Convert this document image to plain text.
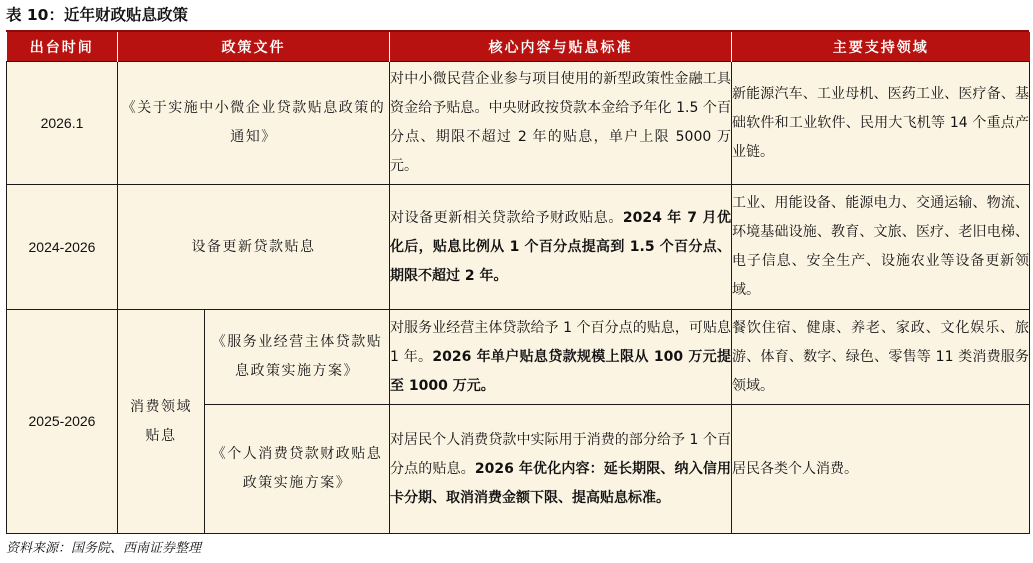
表 10：近年财政贴息政策
出台时间	政策文件		核心内容与贴息标准	主要支持领域
2026.1	《关于实施中小微企业贷款贴息政策的通知》		对中小微民营企业参与项目使用的新型政策性金融工具资金给予贴息。中央财政按贷款本金给予年化 1.5 个百分点、期限不超过 2 年的贴息，单户上限 5000 万元。	新能源汽车、工业母机、医药工业、医疗备、基础软件和工业软件、民用大飞机等 14 个重点产业链。
2024-2026	设备更新贷款贴息		对设备更新相关贷款给予财政贴息。2024 年 7 月优化后，贴息比例从 1 个百分点提高到 1.5 个百分点、期限不超过 2 年。	工业、用能设备、能源电力、交通运输、物流、环境基础设施、教育、文旅、医疗、老旧电梯、电子信息、安全生产、设施农业等设备更新领域。
2025-2026	消费领域贴息	《服务业经营主体贷款贴息政策实施方案》	对服务业经营主体贷款给予 1 个百分点的贴息，可贴息 1 年。2026 年单户贴息贷款规模上限从 100 万元提至 1000 万元。	餐饮住宿、健康、养老、家政、文化娱乐、旅游、体育、数字、绿色、零售等 11 类消费服务领域。
		《个人消费贷款财政贴息政策实施方案》	对居民个人消费贷款中实际用于消费的部分给予 1 个百分点的贴息。2026 年优化内容：延长期限、纳入信用卡分期、取消消费金额下限、提高贴息标准。	居民各类个人消费。
资料来源：国务院、西南证券整理
